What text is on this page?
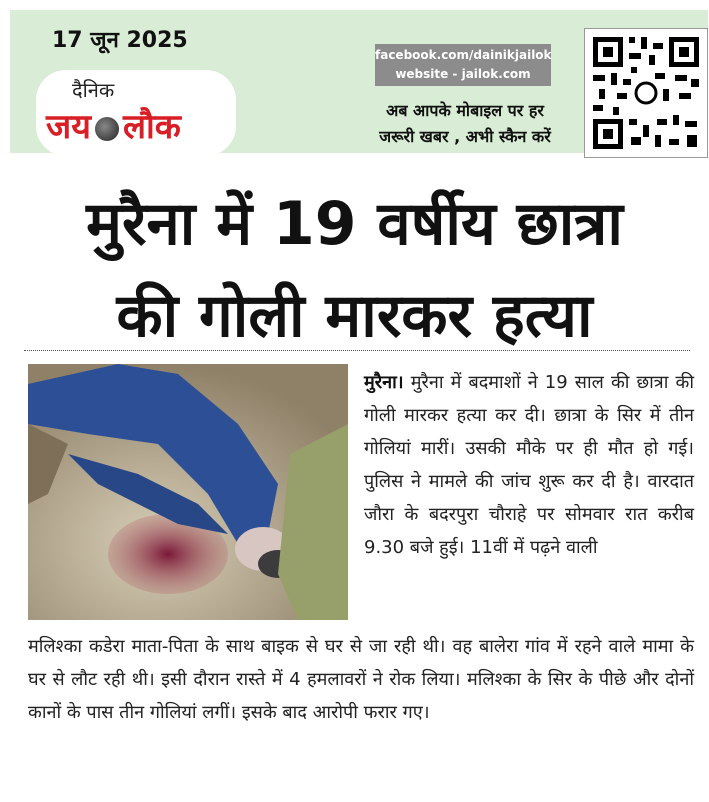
17 जून 2025
दैनिक
जय लौक
facebook.com/dainikjailok
website - jailok.com
अब आपके मोबाइल पर हर
जरूरी खबर , अभी स्कैन करें
मुरैना में 19 वर्षीय छात्रा
की गोली मारकर हत्या
मुरैना। मुरैना में बदमाशों ने 19 साल की छात्रा की गोली मारकर हत्या कर दी। छात्रा के सिर में तीन गोलियां मारीं। उसकी मौके पर ही मौत हो गई। पुलिस ने मामले की जांच शुरू कर दी है। वारदात जौरा के बदरपुरा चौराहे पर सोमवार रात करीब 9.30 बजे हुई। 11वीं में पढ़ने वाली
मलिश्का कडेरा माता-पिता के साथ बाइक से घर से जा रही थी। वह बालेरा गांव में रहने वाले मामा के घर से लौट रही थी। इसी दौरान रास्ते में 4 हमलावरों ने रोक लिया। मलिश्का के सिर के पीछे और दोनों कानों के पास तीन गोलियां लगीं। इसके बाद आरोपी फरार गए।
